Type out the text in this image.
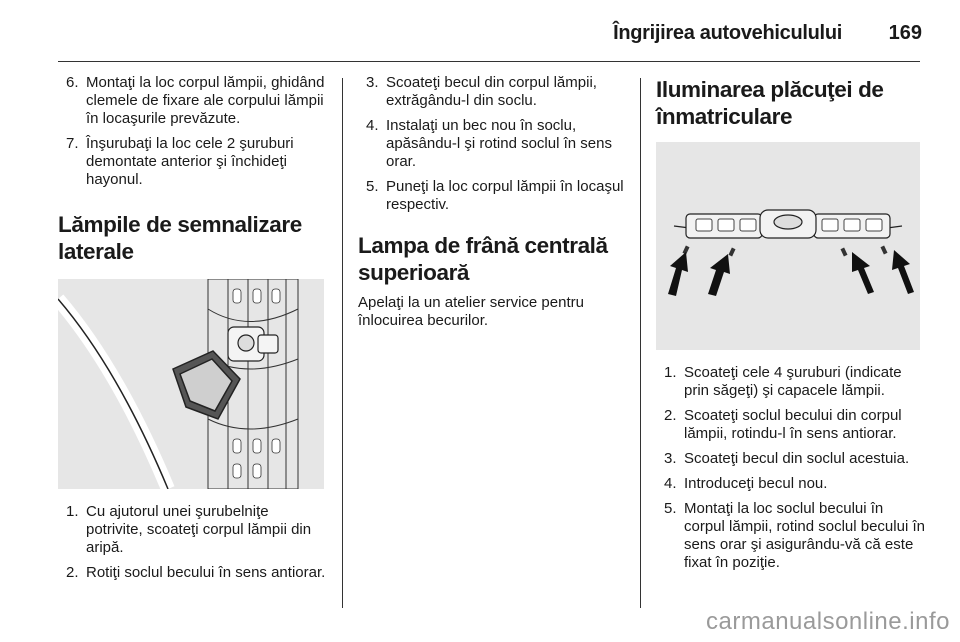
Îngrijirea autovehiculului 169
6. Montaţi la loc corpul lămpii, ghidând clemele de fixare ale corpului lămpii în locaşurile prevăzute.
7. Înşurubaţi la loc cele 2 şuruburi demontate anterior şi închideţi hayonul.
Lămpile de semnalizare laterale
1. Cu ajutorul unei şurubelniţe potrivite, scoateţi corpul lămpii din aripă.
2. Rotiţi soclul becului în sens antiorar.
3. Scoateţi becul din corpul lămpii, extrăgându-l din soclu.
4. Instalaţi un bec nou în soclu, apăsându-l şi rotind soclul în sens orar.
5. Puneţi la loc corpul lămpii în locaşul respectiv.
Lampa de frână centrală superioară

Apelaţi la un atelier service pentru înlocuirea becurilor.

Iluminarea plăcuţei de înmatriculare
1. Scoateţi cele 4 şuruburi (indicate prin săgeţi) şi capacele lămpii.
2. Scoateţi soclul becului din corpul lămpii, rotindu-l în sens antiorar.
3. Scoateţi becul din soclul acestuia.
4. Introduceţi becul nou.
5. Montaţi la loc soclul becului în corpul lămpii, rotind soclul becului în sens orar şi asigurându-vă că este fixat în poziţie.
carmanualsonline.info
